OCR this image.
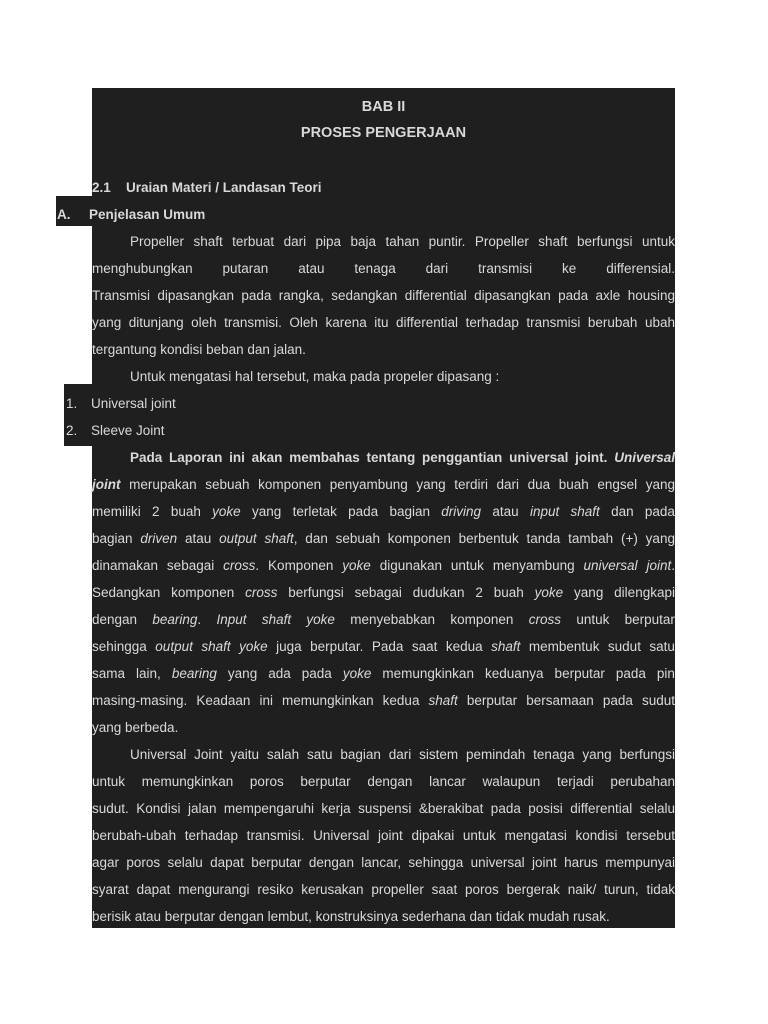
BAB II
PROSES PENGERJAAN
2.1 Uraian Materi / Landasan Teori
A. Penjelasan Umum
Propeller shaft terbuat dari pipa baja tahan puntir. Propeller shaft berfungsi untuk
menghubungkan putaran atau tenaga dari transmisi ke differensial.
Transmisi dipasangkan pada rangka, sedangkan differential dipasangkan pada axle housing
yang ditunjang oleh transmisi. Oleh karena itu differential terhadap transmisi berubah ubah
tergantung kondisi beban dan jalan.
Untuk mengatasi hal tersebut, maka pada propeler dipasang :
1. Universal joint
2. Sleeve Joint
Pada Laporan ini akan membahas tentang penggantian universal joint. Universal
joint merupakan sebuah komponen penyambung yang terdiri dari dua buah engsel yang
memiliki 2 buah yoke yang terletak pada bagian driving atau input shaft dan pada
bagian driven atau output shaft, dan sebuah komponen berbentuk tanda tambah (+) yang
dinamakan sebagai cross. Komponen yoke digunakan untuk menyambung universal joint.
Sedangkan komponen cross berfungsi sebagai dudukan 2 buah yoke yang dilengkapi
dengan bearing. Input shaft yoke menyebabkan komponen cross untuk berputar
sehingga output shaft yoke juga berputar. Pada saat kedua shaft membentuk sudut satu
sama lain, bearing yang ada pada yoke memungkinkan keduanya berputar pada pin
masing-masing. Keadaan ini memungkinkan kedua shaft berputar bersamaan pada sudut
yang berbeda.
Universal Joint yaitu salah satu bagian dari sistem pemindah tenaga yang berfungsi
untuk memungkinkan poros berputar dengan lancar walaupun terjadi perubahan
sudut. Kondisi jalan mempengaruhi kerja suspensi &berakibat pada posisi differential selalu
berubah-ubah terhadap transmisi. Universal joint dipakai untuk mengatasi kondisi tersebut
agar poros selalu dapat berputar dengan lancar, sehingga universal joint harus mempunyai
syarat dapat mengurangi resiko kerusakan propeller saat poros bergerak naik/ turun, tidak
berisik atau berputar dengan lembut, konstruksinya sederhana dan tidak mudah rusak.
